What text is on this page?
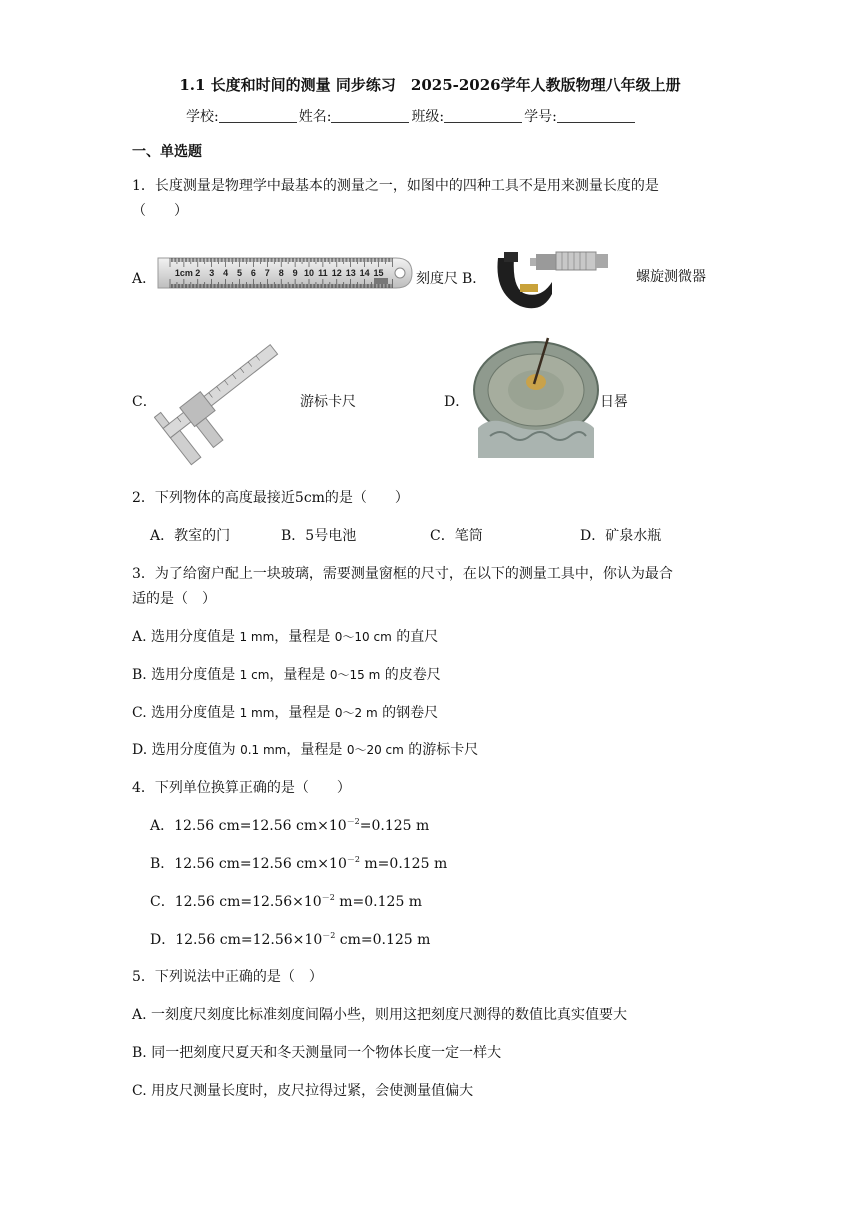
1.1 长度和时间的测量 同步练习　2025-2026学年人教版物理八年级上册
学校:	姓名:	班级:	学号:
一、单选题
1．长度测量是物理学中最基本的测量之一，如图中的四种工具不是用来测量长度的是
（　　）
A． 1cm 2 3 4 5 6 7 8 9 10 11 12 13 14 15 刻度尺 B．	螺旋测微器
C．	游标卡尺	D．	日晷
2．下列物体的高度最接近5cm的是（　　）
A．教室的门	B．5号电池	C．笔筒	D．矿泉水瓶
3．为了给窗户配上一块玻璃，需要测量窗框的尺寸，在以下的测量工具中，你认为最合
适的是（　）
A. 选用分度值是 1 mm，量程是 0～10 cm 的直尺
B. 选用分度值是 1 cm，量程是 0～15 m 的皮卷尺
C. 选用分度值是 1 mm，量程是 0～2 m 的钢卷尺
D. 选用分度值为 0.1 mm，量程是 0～20 cm 的游标卡尺
4．下列单位换算正确的是（　　）
A．12.56 cm=12.56 $cm\times 10^{-2}=0.125$ m
B．12.56 cm=12.56 $cm\times 10^{-2}$ m=0.125 m
C．12.56 $cm=12.56\times 10^{-2}$ m=0.125 m
D．12.56 $cm=12.56\times 10^{-2}$ cm=0.125 m
5．下列说法中正确的是（　）
A. 一刻度尺刻度比标准刻度间隔小些，则用这把刻度尺测得的数值比真实值要大
B. 同一把刻度尺夏天和冬天测量同一个物体长度一定一样大
C. 用皮尺测量长度时，皮尺拉得过紧，会使测量值偏大
